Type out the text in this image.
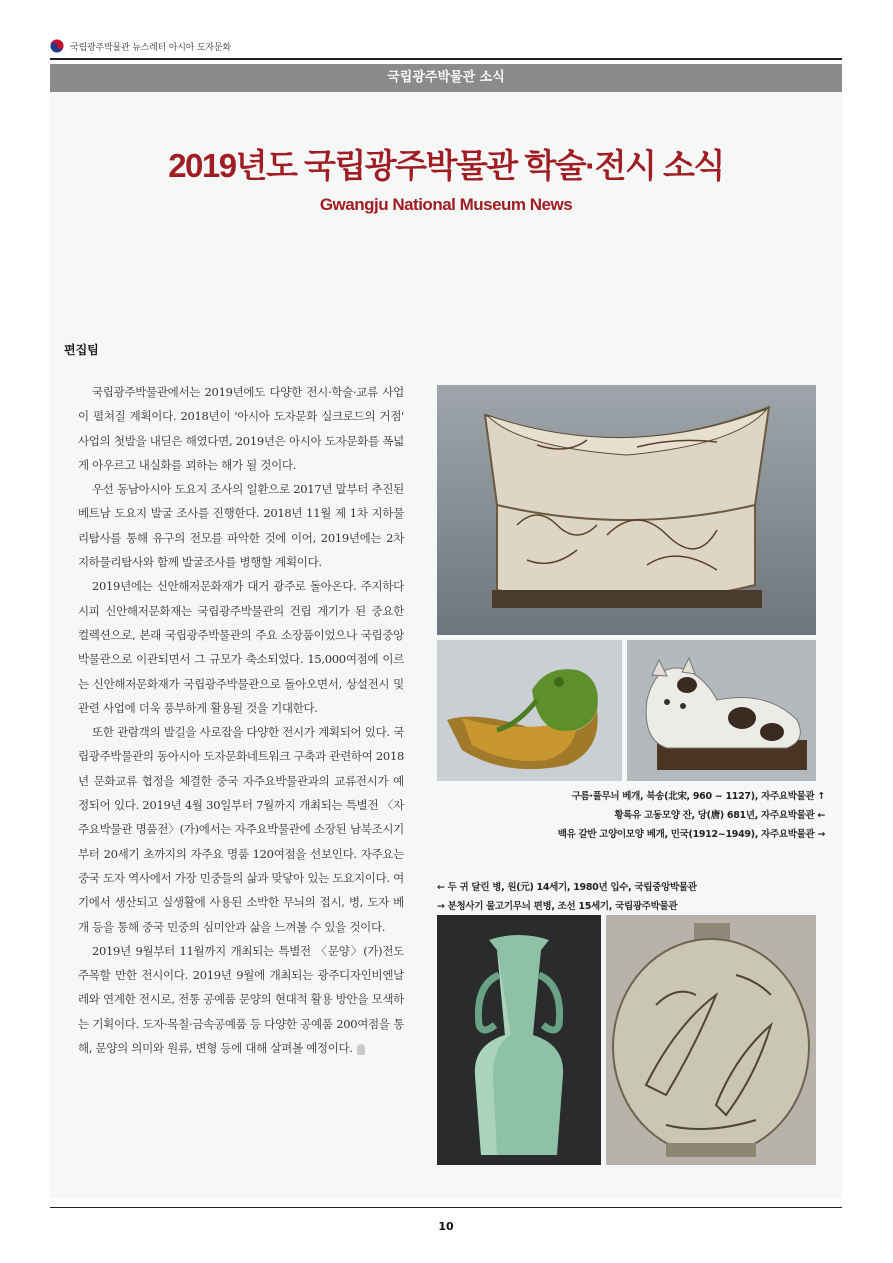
국립광주박물관 뉴스레터 아시아 도자문화
국립광주박물관 소식
2019년도 국립광주박물관 학술·전시 소식
Gwangju National Museum News
편집팀

국립광주박물관에서는 2019년에도 다양한 전시·학술·교류 사업이 펼쳐질 계획이다. 2018년이 '아시아 도자문화 실크로드의 거점' 사업의 첫발을 내딛은 해였다면, 2019년은 아시아 도자문화를 폭넓게 아우르고 내실화를 꾀하는 해가 될 것이다.

우선 동남아시아 도요지 조사의 일환으로 2017년 말부터 추진된 베트남 도요지 발굴 조사를 진행한다. 2018년 11월 제 1차 지하물리탐사를 통해 유구의 전모를 파악한 것에 이어, 2019년에는 2차 지하물리탐사와 함께 발굴조사를 병행할 계획이다.

2019년에는 신안해저문화재가 대거 광주로 돌아온다. 주지하다시피 신안해저문화재는 국립광주박물관의 건립 계기가 된 중요한 컬렉션으로, 본래 국립광주박물관의 주요 소장품이었으나 국립중앙박물관으로 이관되면서 그 규모가 축소되었다. 15,000여점에 이르는 신안해저문화재가 국립광주박물관으로 돌아오면서, 상설전시 및 관련 사업에 더욱 풍부하게 활용될 것을 기대한다.

또한 관람객의 발길을 사로잡을 다양한 전시가 계획되어 있다. 국립광주박물관의 동아시아 도자문화네트워크 구축과 관련하여 2018년 문화교류 협정을 체결한 중국 자주요박물관과의 교류전시가 예정되어 있다. 2019년 4월 30일부터 7월까지 개최되는 특별전 〈자주요박물관 명품전〉(가)에서는 자주요박물관에 소장된 남북조시기부터 20세기 초까지의 자주요 명품 120여점을 선보인다. 자주요는 중국 도자 역사에서 가장 민중들의 삶과 맞닿아 있는 도요지이다. 여기에서 생산되고 실생활에 사용된 소박한 무늬의 접시, 병, 도자 베개 등을 통해 중국 민중의 심미안과 삶을 느껴볼 수 있을 것이다.

2019년 9월부터 11월까지 개최되는 특별전 〈문양〉(가)전도 주목할 만한 전시이다. 2019년 9월에 개최되는 광주디자인비엔날레와 연계한 전시로, 전통 공예품 문양의 현대적 활용 방안을 모색하는 기획이다. 도자·목칠·금속공예품 등 다양한 공예품 200여점을 통해, 문양의 의미와 원류, 변형 등에 대해 살펴볼 예정이다.

구름·풀무늬 베개, 북송(北宋, 960 ~ 1127), 자주요박물관 ↑
황록유 고동모양 잔, 당(唐) 681년, 자주요박물관 ←
백유 갈반 고양이모양 베개, 민국(1912~1949), 자주요박물관 →
← 두 귀 달린 병, 원(元) 14세기, 1980년 입수, 국립중앙박물관
→ 분청사기 물고기무늬 편병, 조선 15세기, 국립광주박물관
10
